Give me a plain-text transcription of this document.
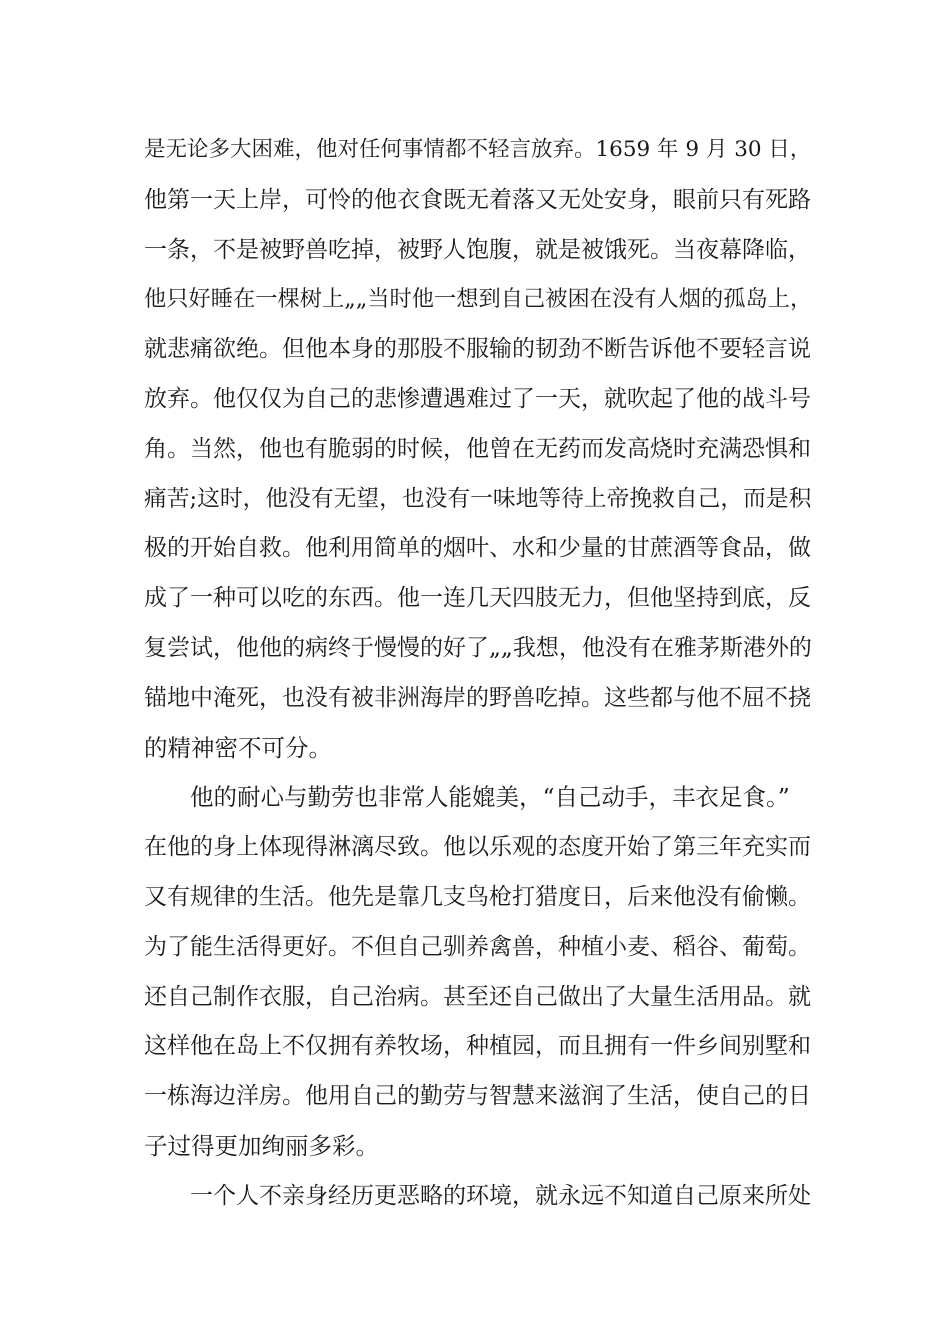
是无论多大困难，他对任何事情都不轻言放弃。1659 年 9 月 30 日，
他第一天上岸，可怜的他衣食既无着落又无处安身，眼前只有死路
一条，不是被野兽吃掉，被野人饱腹，就是被饿死。当夜幕降临，
他只好睡在一棵树上„„当时他一想到自己被困在没有人烟的孤岛上，
就悲痛欲绝。但他本身的那股不服输的韧劲不断告诉他不要轻言说
放弃。他仅仅为自己的悲惨遭遇难过了一天，就吹起了他的战斗号
角。当然，他也有脆弱的时候，他曾在无药而发高烧时充满恐惧和
痛苦;这时，他没有无望，也没有一味地等待上帝挽救自己，而是积
极的开始自救。他利用简单的烟叶、水和少量的甘蔗酒等食品，做
成了一种可以吃的东西。他一连几天四肢无力，但他坚持到底，反
复尝试，他他的病终于慢慢的好了„„我想，他没有在雅茅斯港外的
锚地中淹死，也没有被非洲海岸的野兽吃掉。这些都与他不屈不挠
的精神密不可分。
他的耐心与勤劳也非常人能媲美，“自己动手，丰衣足食。”
在他的身上体现得淋漓尽致。他以乐观的态度开始了第三年充实而
又有规律的生活。他先是靠几支鸟枪打猎度日，后来他没有偷懒。
为了能生活得更好。不但自己驯养禽兽，种植小麦、稻谷、葡萄。
还自己制作衣服，自己治病。甚至还自己做出了大量生活用品。就
这样他在岛上不仅拥有养牧场，种植园，而且拥有一件乡间别墅和
一栋海边洋房。他用自己的勤劳与智慧来滋润了生活，使自己的日
子过得更加绚丽多彩。
一个人不亲身经历更恶略的环境，就永远不知道自己原来所处
